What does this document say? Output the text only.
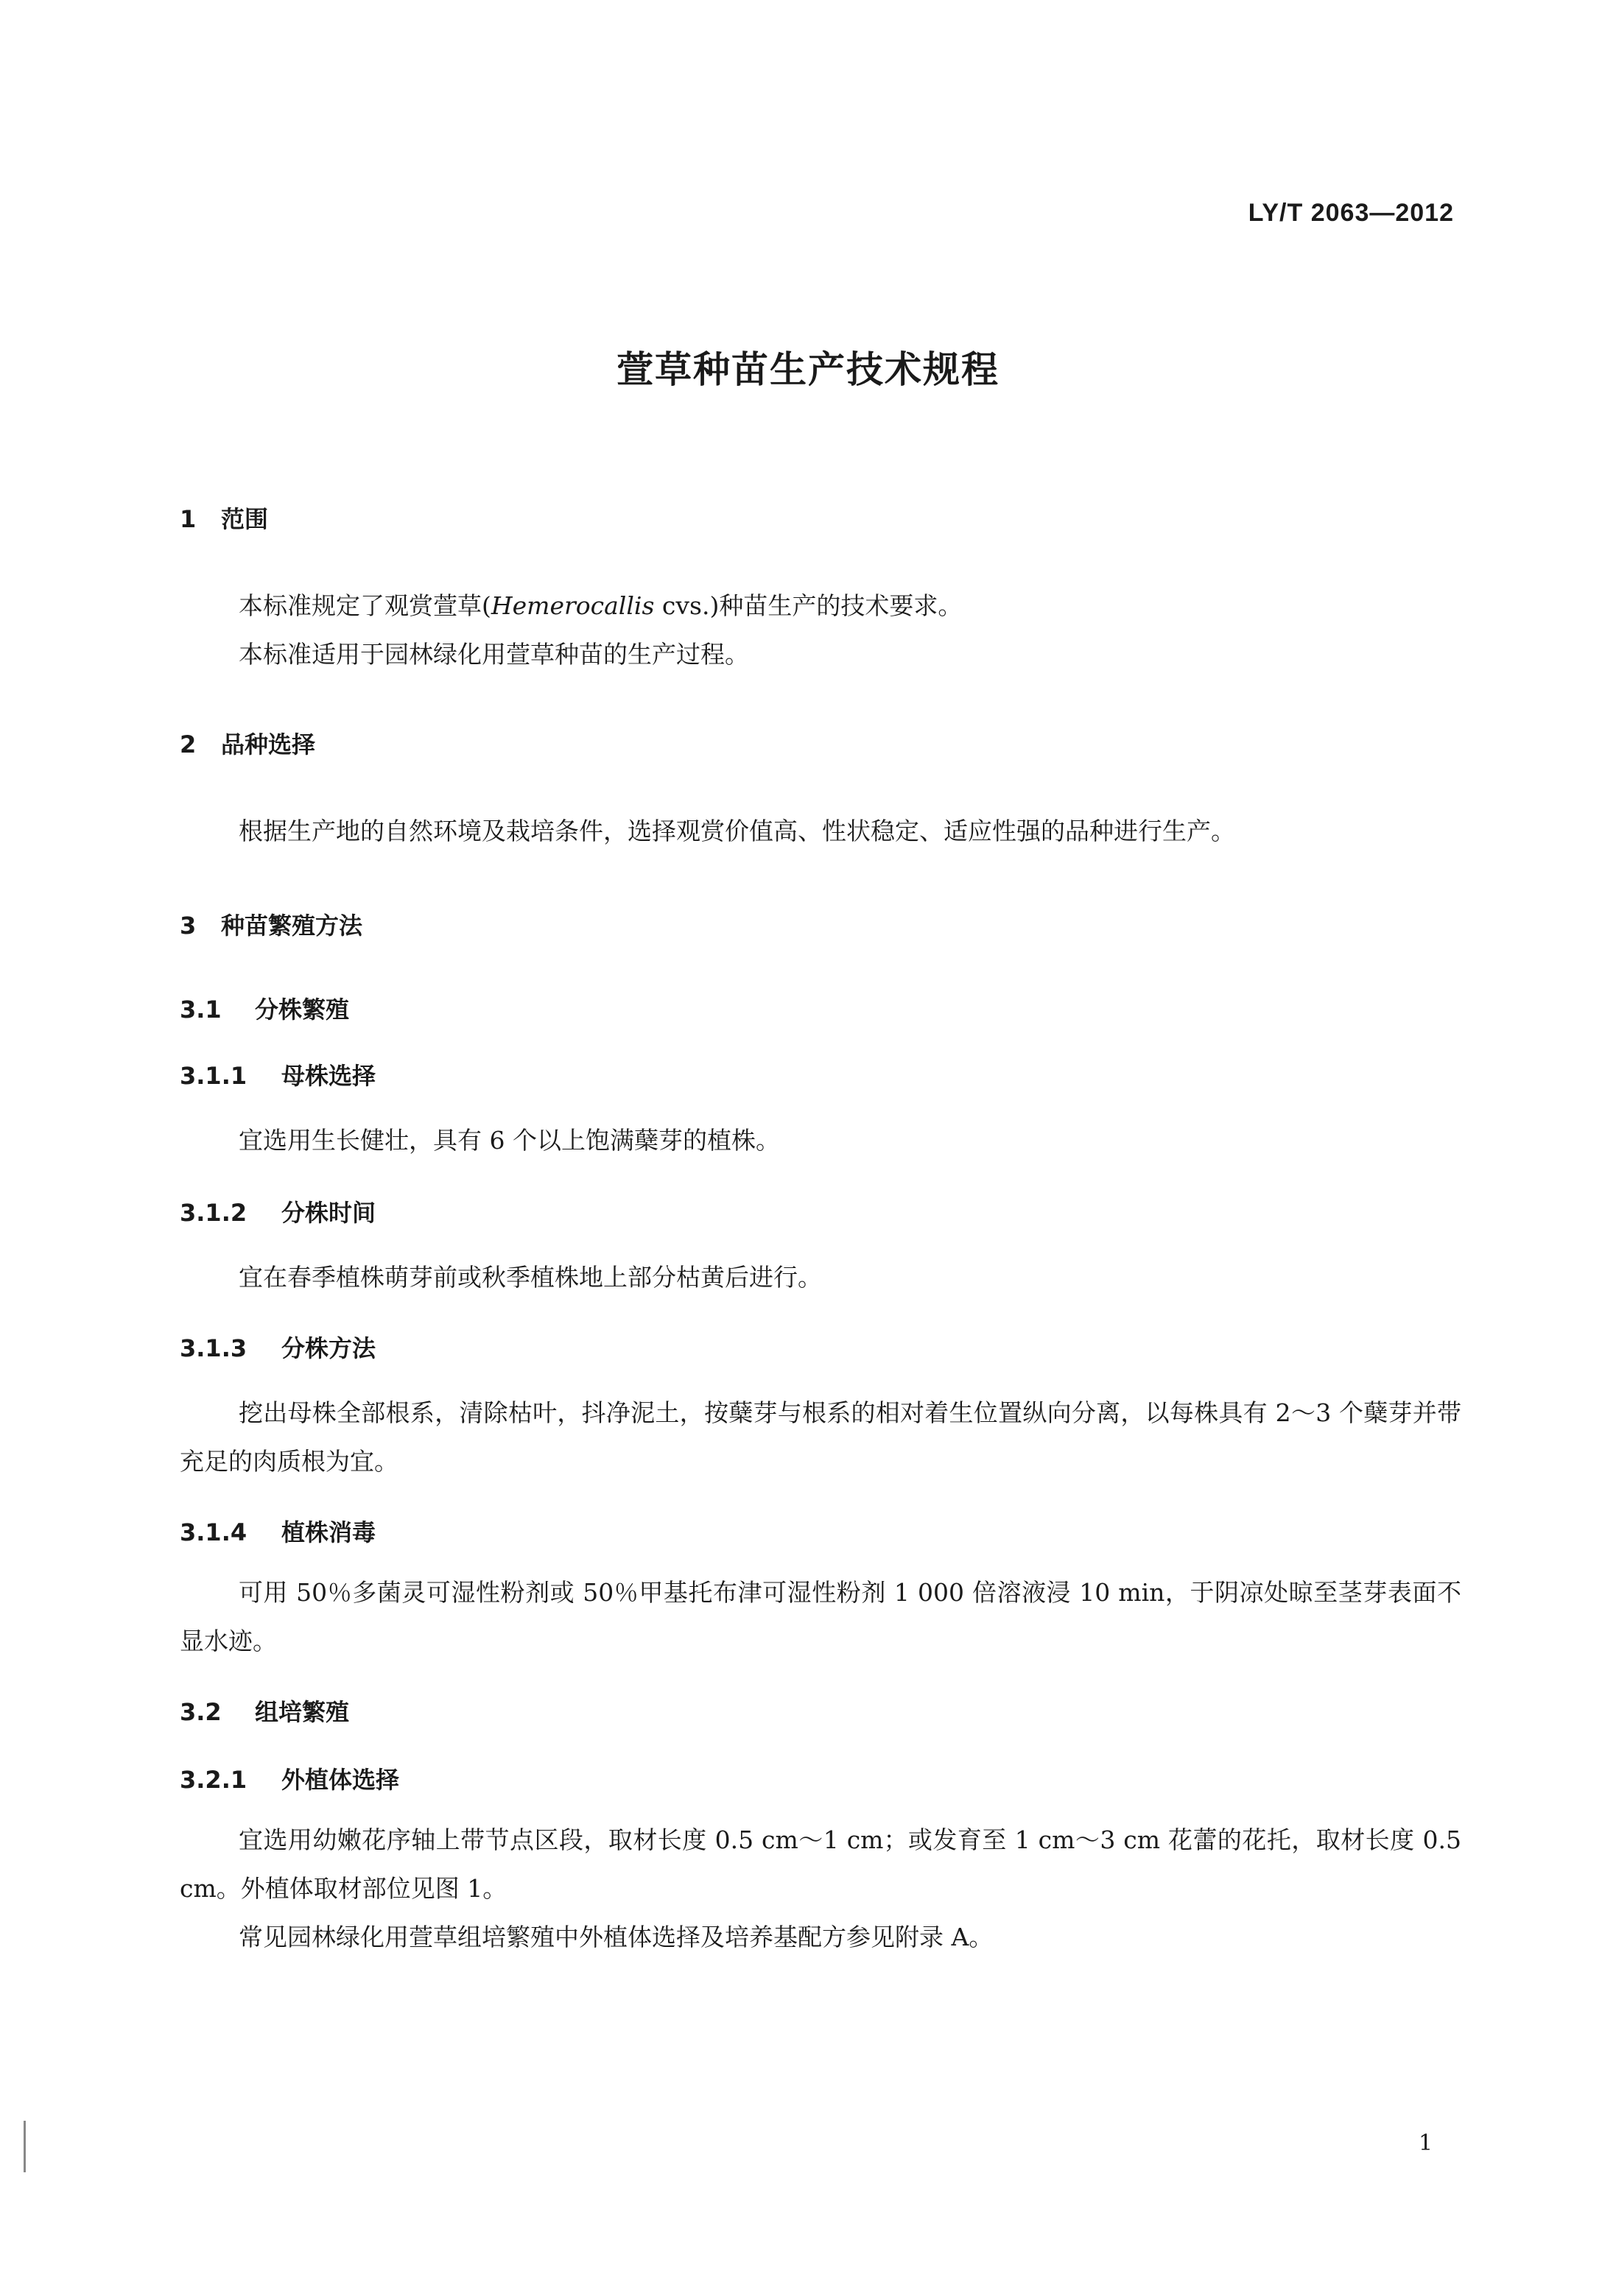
LY/T 2063—2012
萱草种苗生产技术规程
1 范围
本标准规定了观赏萱草(Hemerocallis cvs.)种苗生产的技术要求。
本标准适用于园林绿化用萱草种苗的生产过程。
2 品种选择
根据生产地的自然环境及栽培条件，选择观赏价值高、性状稳定、适应性强的品种进行生产。
3 种苗繁殖方法
3.1 分株繁殖
3.1.1 母株选择
宜选用生长健壮，具有 6 个以上饱满蘖芽的植株。
3.1.2 分株时间
宜在春季植株萌芽前或秋季植株地上部分枯黄后进行。
3.1.3 分株方法
挖出母株全部根系，清除枯叶，抖净泥土，按蘖芽与根系的相对着生位置纵向分离，以每株具有 2～3 个蘖芽并带充足的肉质根为宜。
3.1.4 植株消毒
可用 50％多菌灵可湿性粉剂或 50％甲基托布津可湿性粉剂 1 000 倍溶液浸 10 min，于阴凉处晾至茎芽表面不显水迹。
3.2 组培繁殖
3.2.1 外植体选择
宜选用幼嫩花序轴上带节点区段，取材长度 0.5 cm～1 cm；或发育至 1 cm～3 cm 花蕾的花托，取材长度 0.5 cm。外植体取材部位见图 1。
常见园林绿化用萱草组培繁殖中外植体选择及培养基配方参见附录 A。
1
